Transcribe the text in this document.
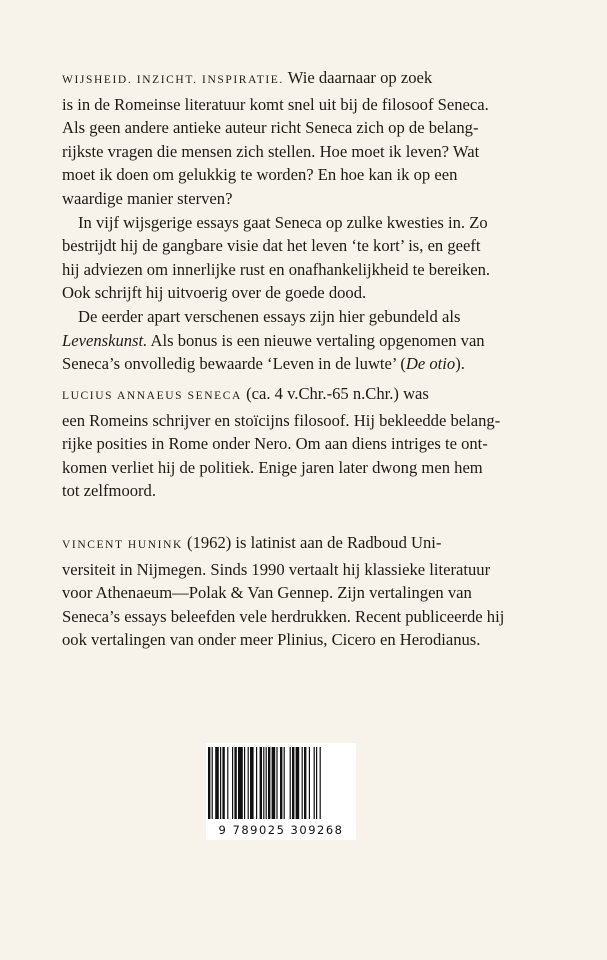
WIJSHEID. INZICHT. INSPIRATIE. Wie daarnaar op zoek

is in de Romeinse literatuur komt snel uit bij de filosoof Seneca.

Als geen andere antieke auteur richt Seneca zich op de belang-

rijkste vragen die mensen zich stellen. Hoe moet ik leven? Wat

moet ik doen om gelukkig te worden? En hoe kan ik op een

waardige manier sterven?

In vijf wijsgerige essays gaat Seneca op zulke kwesties in. Zo

bestrijdt hij de gangbare visie dat het leven ‘te kort’ is, en geeft

hij adviezen om innerlijke rust en onafhankelijkheid te bereiken.

Ook schrijft hij uitvoerig over de goede dood.

De eerder apart verschenen essays zijn hier gebundeld als

Levenskunst. Als bonus is een nieuwe vertaling opgenomen van

Seneca’s onvolledig bewaarde ‘Leven in de luwte’ (De otio).

LUCIUS ANNAEUS SENECA (ca. 4 v.Chr.-65 n.Chr.) was

een Romeins schrijver en stoïcijns filosoof. Hij bekleedde belang-

rijke posities in Rome onder Nero. Om aan diens intriges te ont-

komen verliet hij de politiek. Enige jaren later dwong men hem

tot zelfmoord.

VINCENT HUNINK (1962) is latinist aan de Radboud Uni-

versiteit in Nijmegen. Sinds 1990 vertaalt hij klassieke literatuur

voor Athenaeum—Polak & Van Gennep. Zijn vertalingen van

Seneca’s essays beleefden vele herdrukken. Recent publiceerde hij

ook vertalingen van onder meer Plinius, Cicero en Herodianus.

9 789025 309268
